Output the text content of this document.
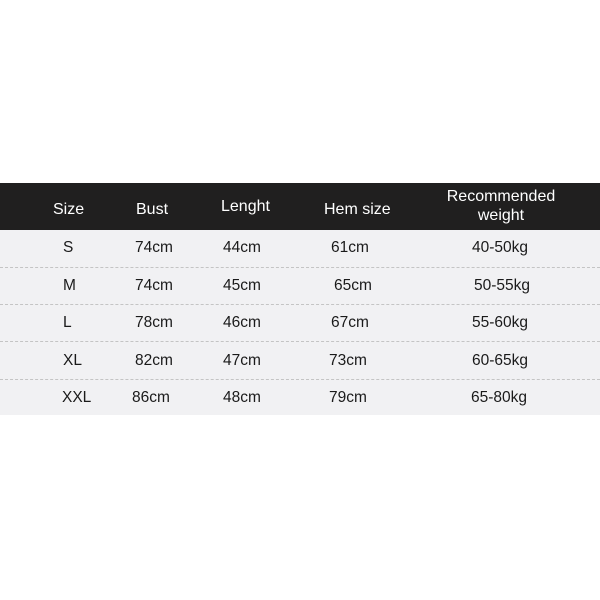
Size	Bust	Lenght	Hem size
Recommended
weight
S	74cm	44cm	61cm	40-50kg
M	74cm	45cm	65cm	50-55kg
L	78cm	46cm	67cm	55-60kg
XL	82cm	47cm	73cm	60-65kg
XXL	86cm	48cm	79cm	65-80kg
